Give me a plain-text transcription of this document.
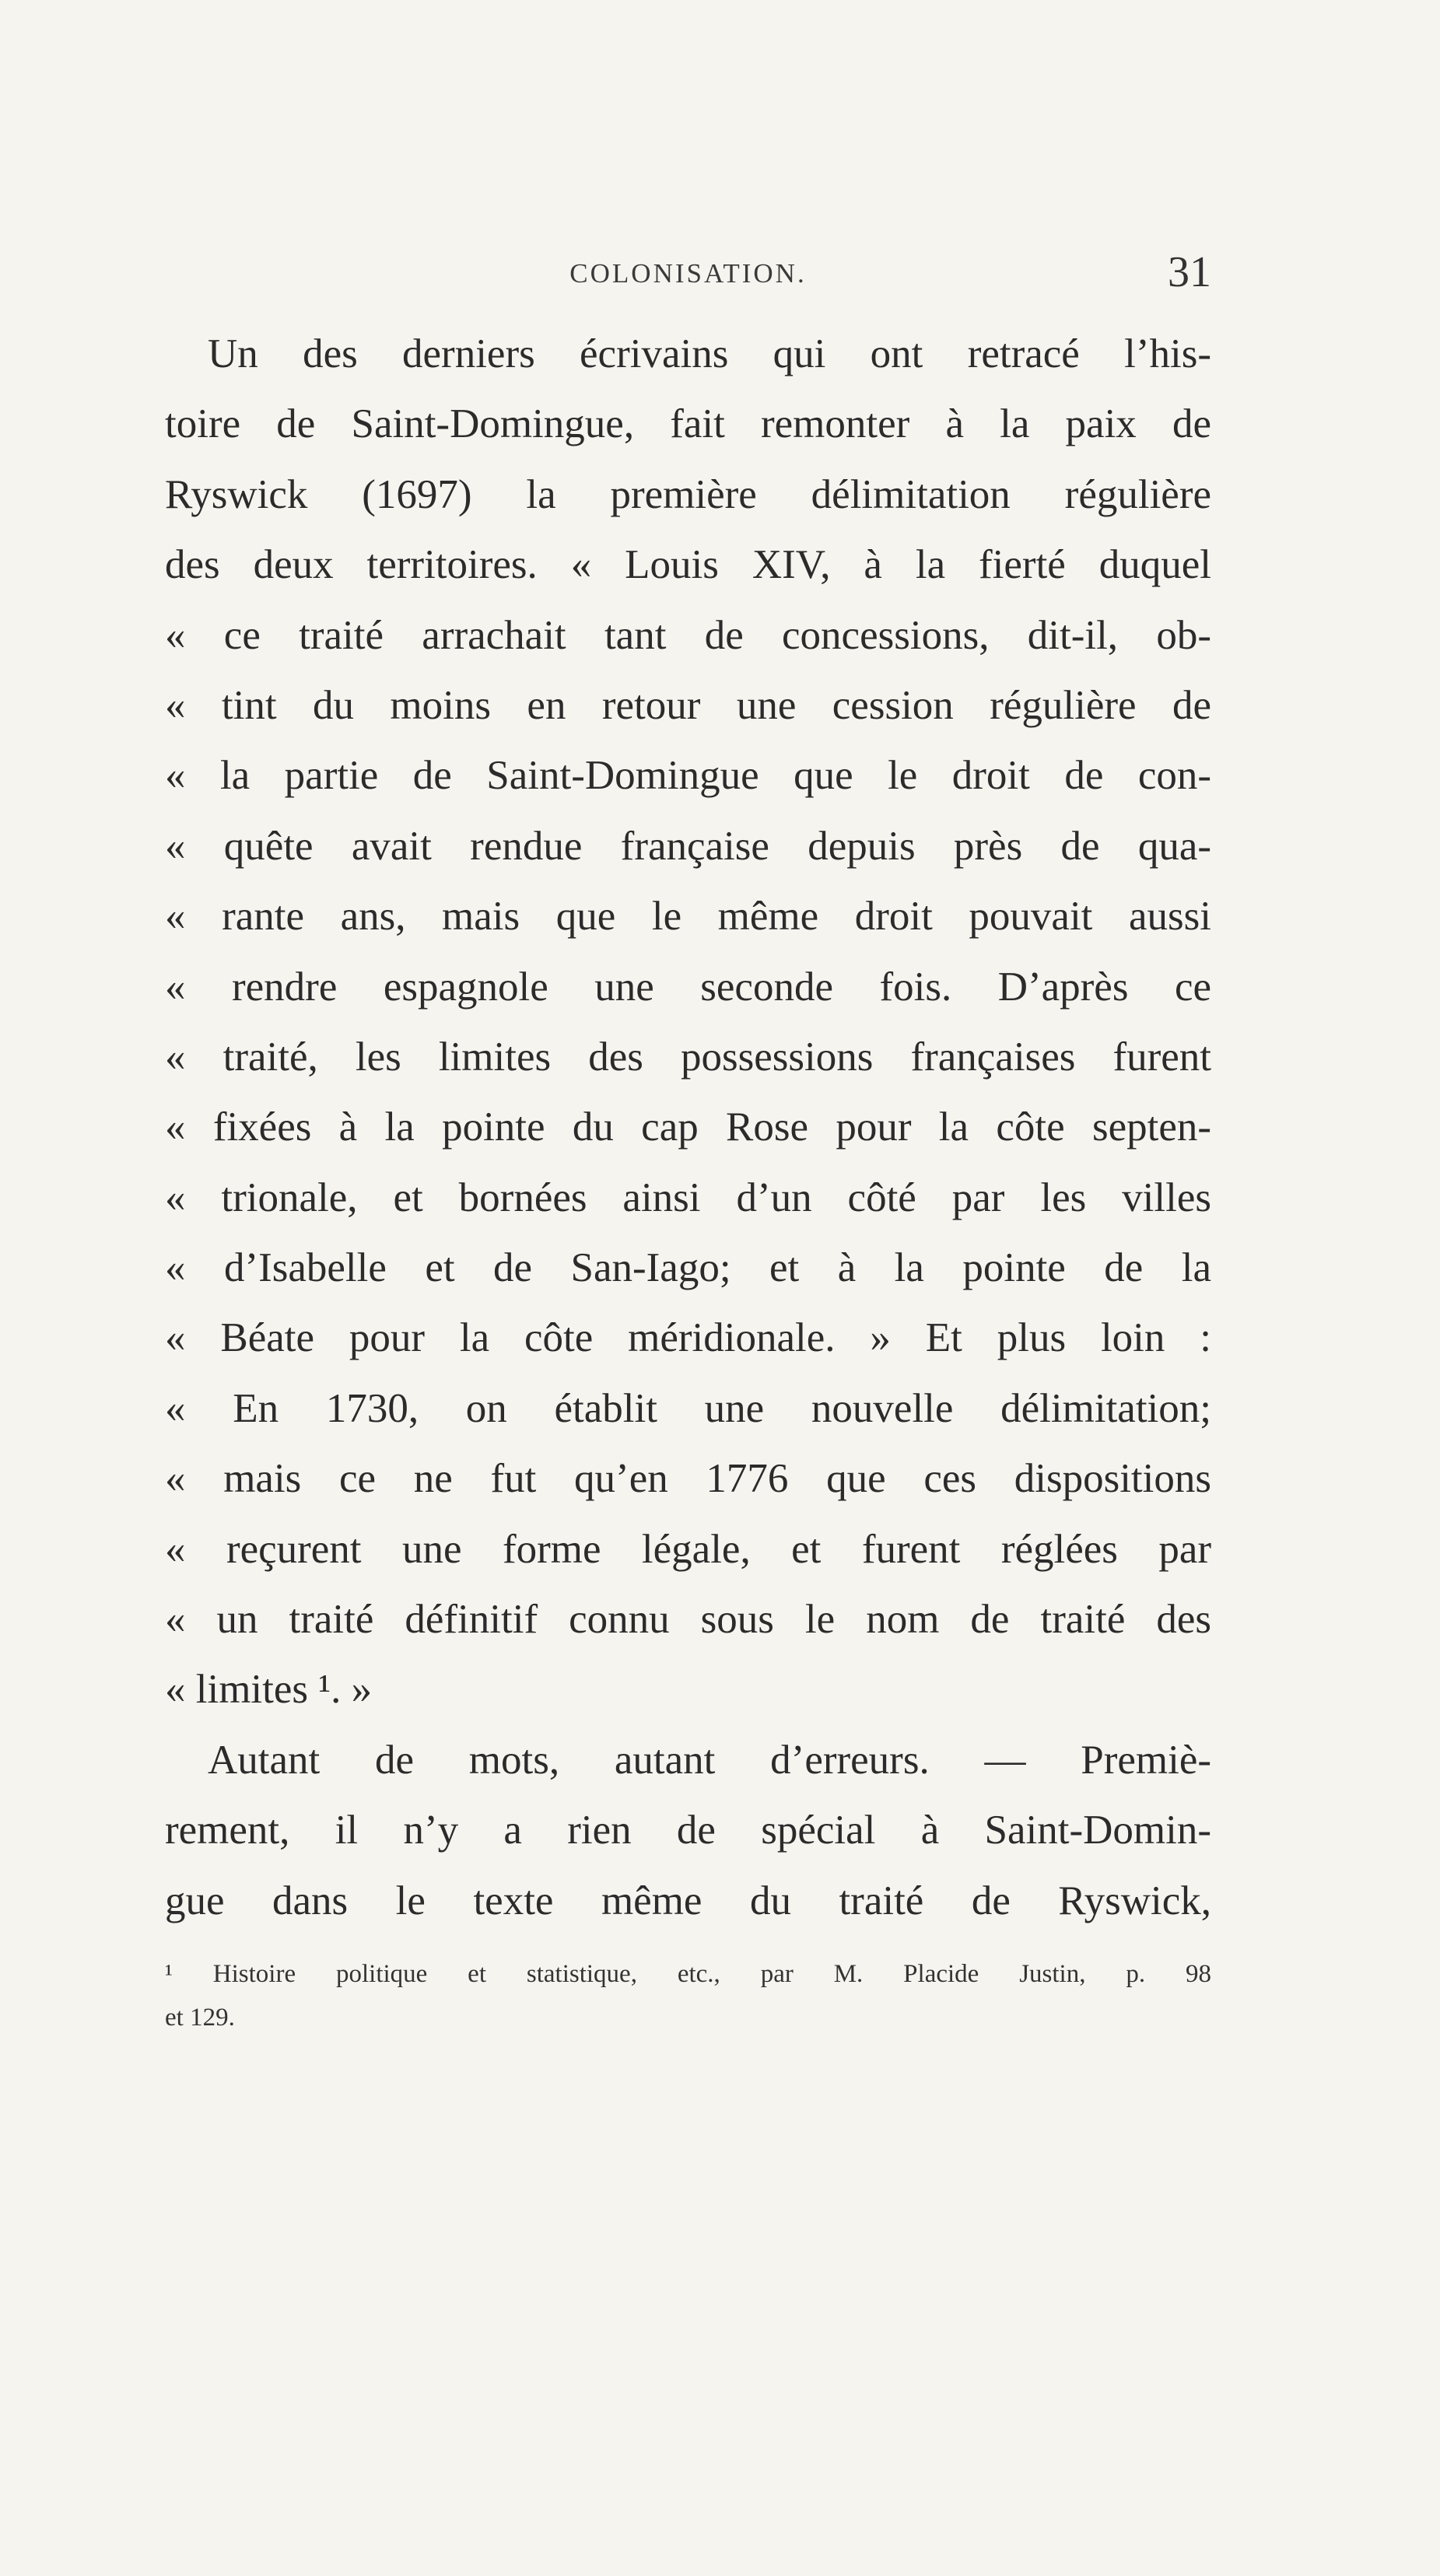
COLONISATION.	31
Un des derniers écrivains qui ont retracé l’his-
toire de Saint-Domingue, fait remonter à la paix de
Ryswick (1697) la première délimitation régulière
des deux territoires. « Louis XIV, à la fierté duquel
« ce traité arrachait tant de concessions, dit-il, ob-
« tint du moins en retour une cession régulière de
« la partie de Saint-Domingue que le droit de con-
« quête avait rendue française depuis près de qua-
« rante ans, mais que le même droit pouvait aussi
« rendre espagnole une seconde fois. D’après ce
« traité, les limites des possessions françaises furent
« fixées à la pointe du cap Rose pour la côte septen-
« trionale, et bornées ainsi d’un côté par les villes
« d’Isabelle et de San-Iago; et à la pointe de la
« Béate pour la côte méridionale. » Et plus loin :
« En 1730, on établit une nouvelle délimitation;
« mais ce ne fut qu’en 1776 que ces dispositions
« reçurent une forme légale, et furent réglées par
« un traité définitif connu sous le nom de traité des
« limites ¹. »
Autant de mots, autant d’erreurs. — Premiè-
rement, il n’y a rien de spécial à Saint-Domin-
gue dans le texte même du traité de Ryswick,
¹ Histoire politique et statistique, etc., par M. Placide Justin, p. 98
et 129.
